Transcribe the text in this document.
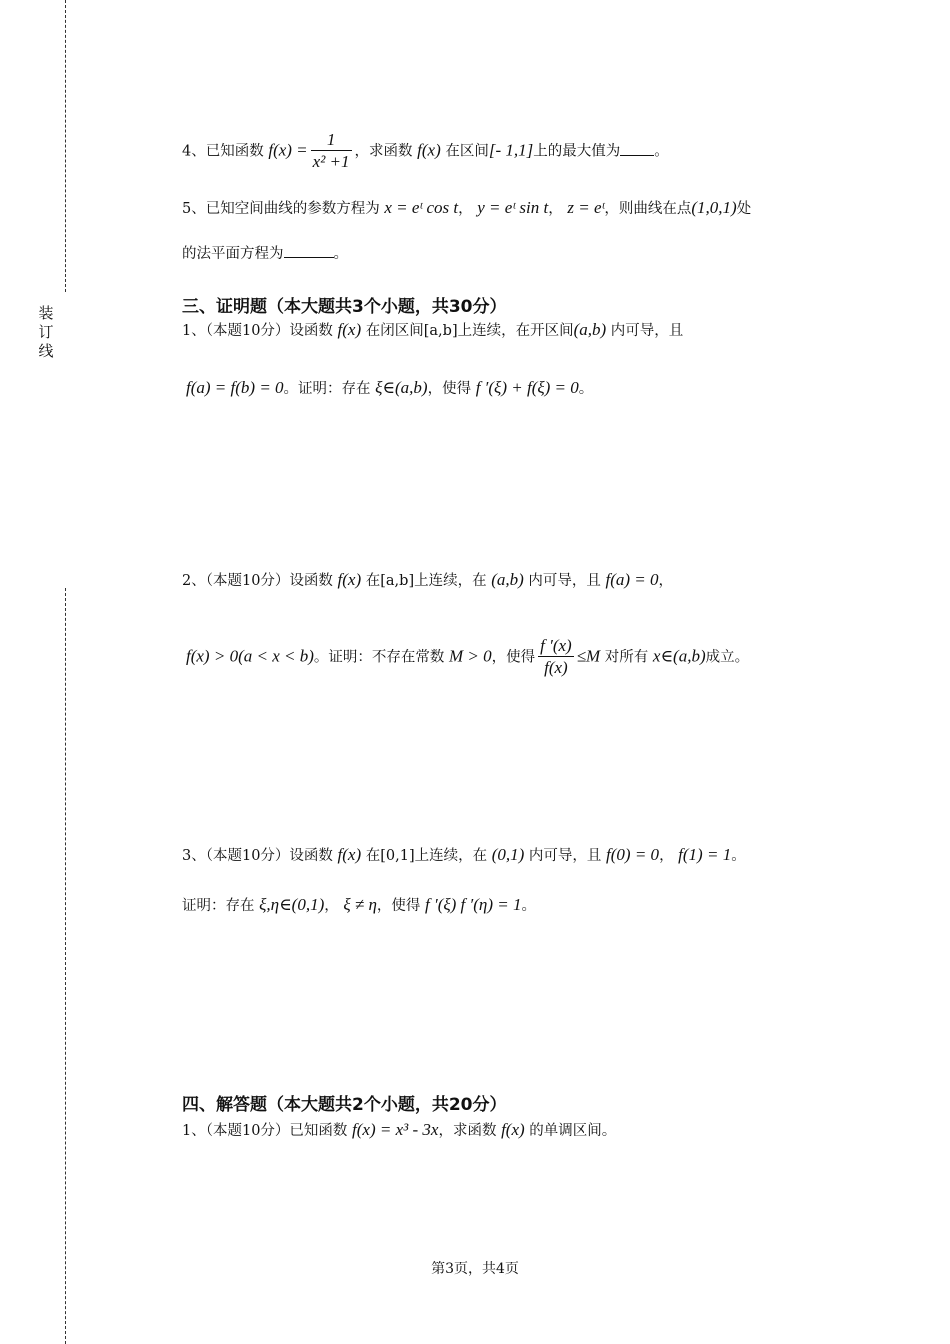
装订线
4、已知函数 $f(x) = \frac{1}{\text{x² +1}}$ ，求函数 f(x) 在区间[- 1,1]上的最大值为 。
5、已知空间曲线的参数方程为 x = eᵗ cos t， y = eᵗ sin t， z = eᵗ，则曲线在点(1,0,1)处
的法平面方程为	。
三、证明题（本大题共3个小题，共30分）
1、（本题10分）设函数 f(x) 在闭区间[a,b]上连续，在开区间(a,b) 内可导，且
f(a) = f(b) = 0。证明：存在 ξ∈(a,b)，使得 f ′(ξ) + f(ξ) = 0。
2、（本题10分）设函数 f(x) 在[a,b]上连续，在 (a,b) 内可导，且 f(a) = 0，
f(x) > 0(a < x < b)。证明：不存在常数 M > 0，使得 $\frac{f '(x)}{f(x)} \le M$ 对所有 x∈(a,b)成立。
3、（本题10分）设函数 f(x) 在[0,1]上连续，在 (0,1) 内可导，且 f(0) = 0， f(1) = 1。
证明：存在 ξ,η∈(0,1)， ξ ≠ η，使得 f ′(ξ) f ′(η) = 1。
四、解答题（本大题共2个小题，共20分）
1、（本题10分）已知函数 f(x) = x³ - 3x，求函数 f(x) 的单调区间。
第3页，共4页
